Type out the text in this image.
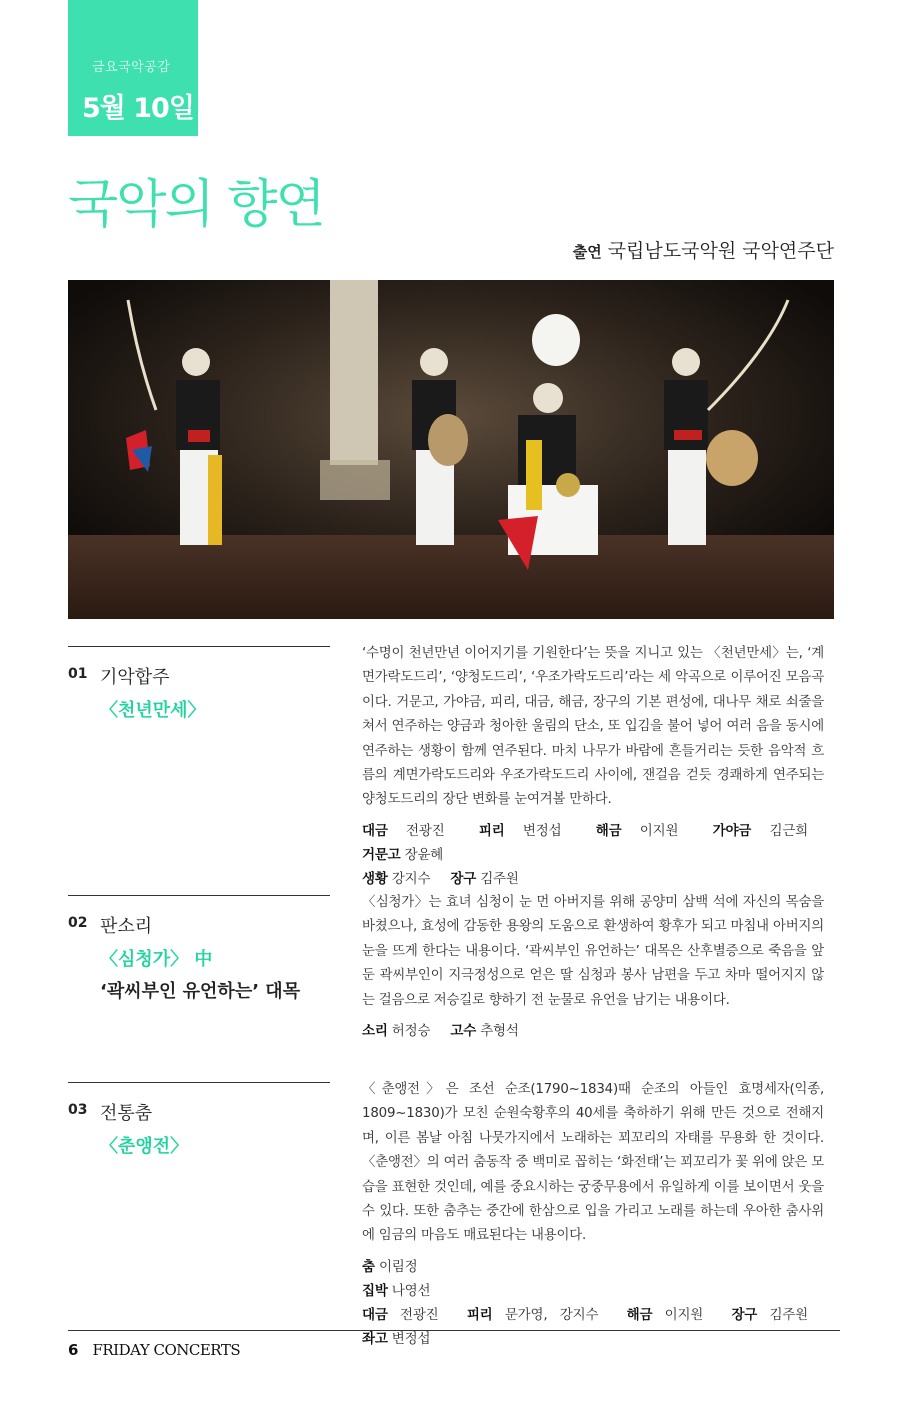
금요국악공감
5월 10일
국악의 향연
출연 국립남도국악원 국악연주단
01 기악합주
〈천년만세〉
‘수명이 천년만년 이어지기를 기원한다’는 뜻을 지니고 있는 〈천년만세〉는, ‘계면가락도드리’, ‘양청도드리’, ‘우조가락도드리’라는 세 악곡으로 이루어진 모음곡이다. 거문고, 가야금, 피리, 대금, 해금, 장구의 기본 편성에, 대나무 채로 쇠줄을 쳐서 연주하는 양금과 청아한 울림의 단소, 또 입김을 불어 넣어 여러 음을 동시에 연주하는 생황이 함께 연주된다. 마치 나무가 바람에 흔들거리는 듯한 음악적 흐름의 계면가락도드리와 우조가락도드리 사이에, 잰걸음 걷듯 경쾌하게 연주되는 양청도드리의 장단 변화를 눈여겨볼 만하다.
대금 전광진	피리 변정섭	해금 이지원	가야금 김근희 거문고 장윤혜
생황 강지수 장구 김주원
02 판소리
〈심청가〉 中
‘곽씨부인 유언하는’ 대목
〈심청가〉는 효녀 심청이 눈 먼 아버지를 위해 공양미 삼백 석에 자신의 목숨을 바쳤으나, 효성에 감동한 용왕의 도움으로 환생하여 황후가 되고 마침내 아버지의 눈을 뜨게 한다는 내용이다. ‘곽씨부인 유언하는’ 대목은 산후별증으로 죽음을 앞둔 곽씨부인이 지극정성으로 얻은 딸 심청과 봉사 남편을 두고 차마 떨어지지 않는 걸음으로 저승길로 향하기 전 눈물로 유언을 남기는 내용이다.
소리 허정승 고수 추형석
03 전통춤
〈춘앵전〉
〈춘앵전〉은 조선 순조(1790~1834)때 순조의 아들인 효명세자(익종, 1809~1830)가 모친 순원숙황후의 40세를 축하하기 위해 만든 것으로 전해지며, 이른 봄날 아침 나뭇가지에서 노래하는 꾀꼬리의 자태를 무용화 한 것이다. 〈춘앵전〉의 여러 춤동작 중 백미로 꼽히는 ‘화전태’는 꾀꼬리가 꽃 위에 앉은 모습을 표현한 것인데, 예를 중요시하는 궁중무용에서 유일하게 이를 보이면서 웃을 수 있다. 또한 춤추는 중간에 한삼으로 입을 가리고 노래를 하는데 우아한 춤사위에 임금의 마음도 매료된다는 내용이다.
춤 이림정
집박 나영선
대금 전광진 피리 문가영, 강지수 해금 이지원 장구 김주원 좌고 변정섭
6 FRIDAY CONCERTS
